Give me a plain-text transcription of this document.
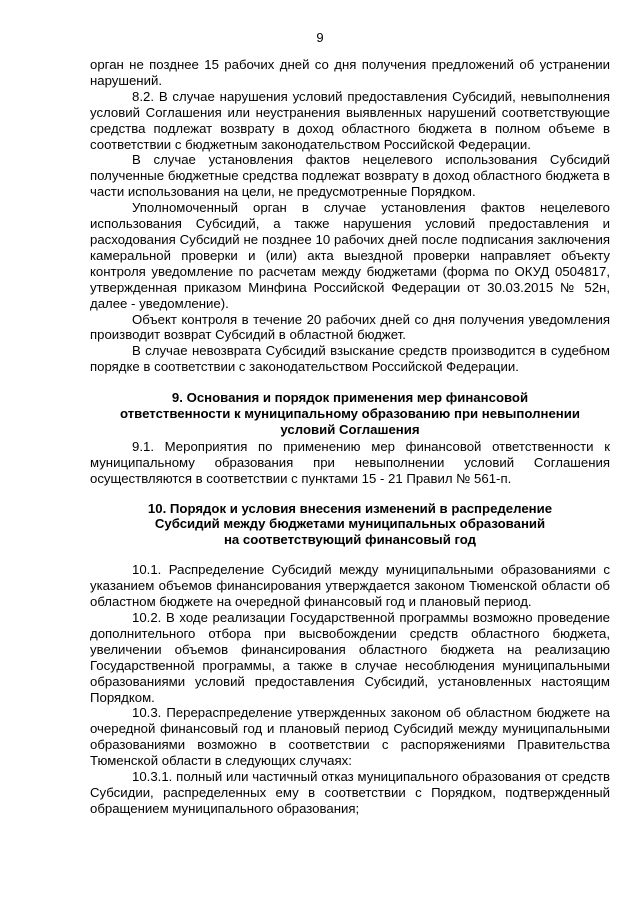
9

орган не позднее 15 рабочих дней со дня получения предложений об устранении нарушений.

8.2. В случае нарушения условий предоставления Субсидий, невыполнения условий Соглашения или неустранения выявленных нарушений соответствующие средства подлежат возврату в доход областного бюджета в полном объеме в соответствии с бюджетным законодательством Российской Федерации.

В случае установления фактов нецелевого использования Субсидий полученные бюджетные средства подлежат возврату в доход областного бюджета в части использования на цели, не предусмотренные Порядком.

Уполномоченный орган в случае установления фактов нецелевого использования Субсидий, а также нарушения условий предоставления и расходования Субсидий не позднее 10 рабочих дней после подписания заключения камеральной проверки и (или) акта выездной проверки направляет объекту контроля уведомление по расчетам между бюджетами (форма по ОКУД 0504817, утвержденная приказом Минфина Российской Федерации от 30.03.2015 № 52н, далее - уведомление).

Объект контроля в течение 20 рабочих дней со дня получения уведомления производит возврат Субсидий в областной бюджет.

В случае невозврата Субсидий взыскание средств производится в судебном порядке в соответствии с законодательством Российской Федерации.

9. Основания и порядок применения мер финансовой
ответственности к муниципальному образованию при невыполнении
условий Соглашения

9.1. Мероприятия по применению мер финансовой ответственности к муниципальному образования при невыполнении условий Соглашения осуществляются в соответствии с пунктами 15 - 21 Правил № 561-п.

10. Порядок и условия внесения изменений в распределение
Субсидий между бюджетами муниципальных образований
на соответствующий финансовый год

10.1. Распределение Субсидий между муниципальными образованиями с указанием объемов финансирования утверждается законом Тюменской области об областном бюджете на очередной финансовый год и плановый период.

10.2. В ходе реализации Государственной программы возможно проведение дополнительного отбора при высвобождении средств областного бюджета, увеличении объемов финансирования областного бюджета на реализацию Государственной программы, а также в случае несоблюдения муниципальными образованиями условий предоставления Субсидий, установленных настоящим Порядком.

10.3. Перераспределение утвержденных законом об областном бюджете на очередной финансовый год и плановый период Субсидий между муниципальными образованиями возможно в соответствии с распоряжениями Правительства Тюменской области в следующих случаях:

10.3.1. полный или частичный отказ муниципального образования от средств Субсидии, распределенных ему в соответствии с Порядком, подтвержденный обращением муниципального образования;
